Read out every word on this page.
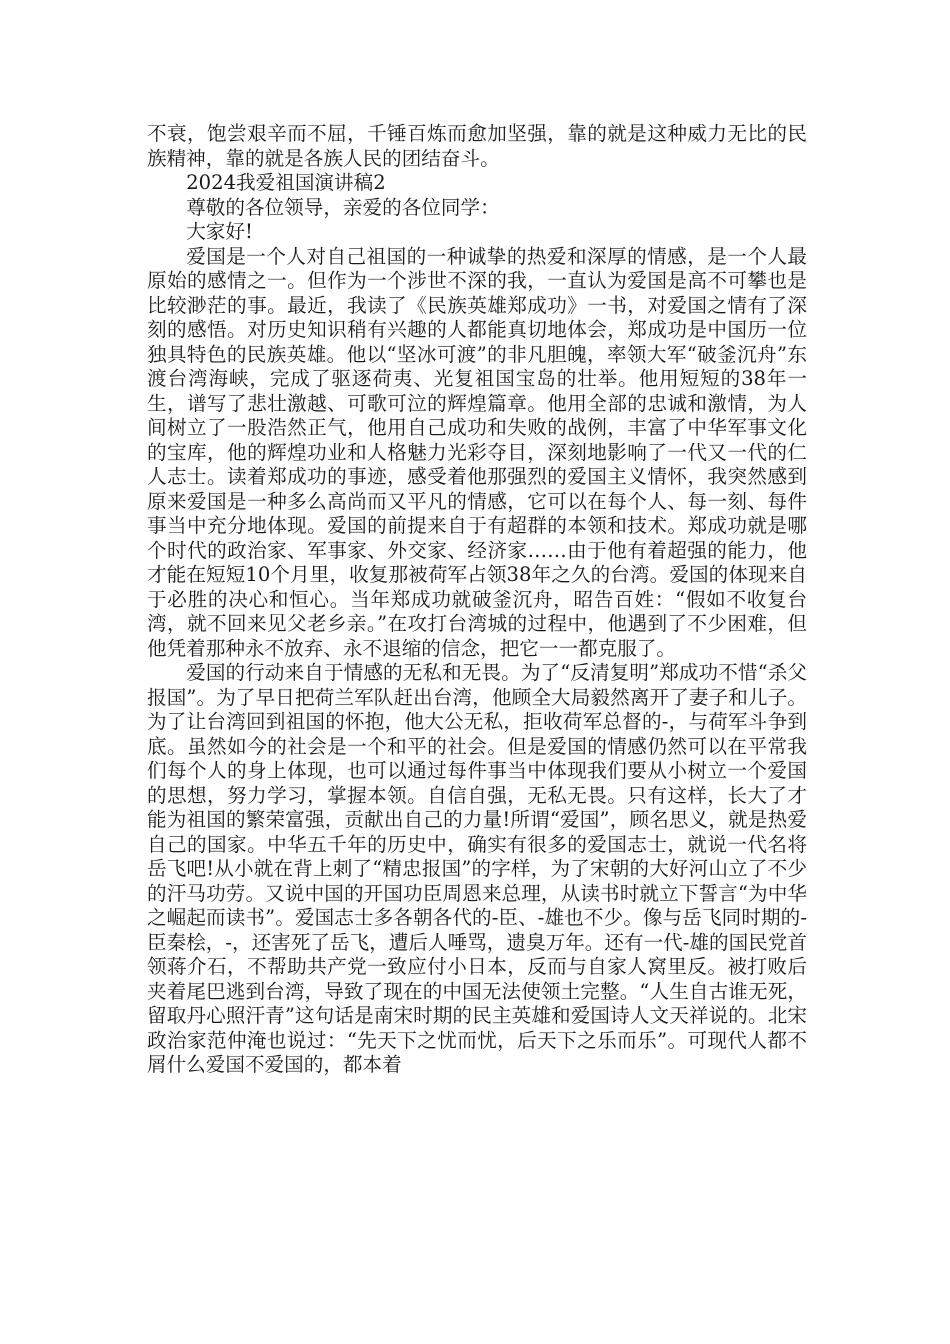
不衰，饱尝艰辛而不屈，千锤百炼而愈加坚强，靠的就是这种威力无比的民族精神，靠的就是各族人民的团结奋斗。

2024我爱祖国演讲稿2

尊敬的各位领导，亲爱的各位同学：

大家好!

爱国是一个人对自己祖国的一种诚挚的热爱和深厚的情感，是一个人最原始的感情之一。但作为一个涉世不深的我，一直认为爱国是高不可攀也是比较渺茫的事。最近，我读了《民族英雄郑成功》一书，对爱国之情有了深刻的感悟。对历史知识稍有兴趣的人都能真切地体会，郑成功是中国历一位独具特色的民族英雄。他以“坚冰可渡”的非凡胆魄，率领大军“破釜沉舟”东渡台湾海峡，完成了驱逐荷夷、光复祖国宝岛的壮举。他用短短的38年一生，谱写了悲壮激越、可歌可泣的辉煌篇章。他用全部的忠诚和激情，为人间树立了一股浩然正气，他用自己成功和失败的战例，丰富了中华军事文化的宝库，他的辉煌功业和人格魅力光彩夺目，深刻地影响了一代又一代的仁人志士。读着郑成功的事迹，感受着他那强烈的爱国主义情怀，我突然感到原来爱国是一种多么高尚而又平凡的情感，它可以在每个人、每一刻、每件事当中充分地体现。爱国的前提来自于有超群的本领和技术。郑成功就是哪个时代的政治家、军事家、外交家、经济家……由于他有着超强的能力，他才能在短短10个月里，收复那被荷军占领38年之久的台湾。爱国的体现来自于必胜的决心和恒心。当年郑成功就破釜沉舟，昭告百姓：“假如不收复台湾，就不回来见父老乡亲。”在攻打台湾城的过程中，他遇到了不少困难，但他凭着那种永不放弃、永不退缩的信念，把它一一都克服了。

爱国的行动来自于情感的无私和无畏。为了“反清复明”郑成功不惜“杀父报国”。为了早日把荷兰军队赶出台湾，他顾全大局毅然离开了妻子和儿子。为了让台湾回到祖国的怀抱，他大公无私，拒收荷军总督的-，与荷军斗争到底。虽然如今的社会是一个和平的社会。但是爱国的情感仍然可以在平常我们每个人的身上体现，也可以通过每件事当中体现我们要从小树立一个爱国的思想，努力学习，掌握本领。自信自强，无私无畏。只有这样，长大了才能为祖国的繁荣富强，贡献出自己的力量!所谓“爱国”，顾名思义，就是热爱自己的国家。中华五千年的历史中，确实有很多的爱国志士，就说一代名将岳飞吧!从小就在背上刺了“精忠报国”的字样，为了宋朝的大好河山立了不少的汗马功劳。又说中国的开国功臣周恩来总理，从读书时就立下誓言“为中华之崛起而读书”。爱国志士多各朝各代的-臣、-雄也不少。像与岳飞同时期的-臣秦桧，-，还害死了岳飞，遭后人唾骂，遗臭万年。还有一代-雄的国民党首领蒋介石，不帮助共产党一致应付小日本，反而与自家人窝里反。被打败后夹着尾巴逃到台湾，导致了现在的中国无法使领土完整。“人生自古谁无死，留取丹心照汗青”这句话是南宋时期的民主英雄和爱国诗人文天祥说的。北宋政治家范仲淹也说过：“先天下之忧而忧，后天下之乐而乐”。可现代人都不屑什么爱国不爱国的，都本着
